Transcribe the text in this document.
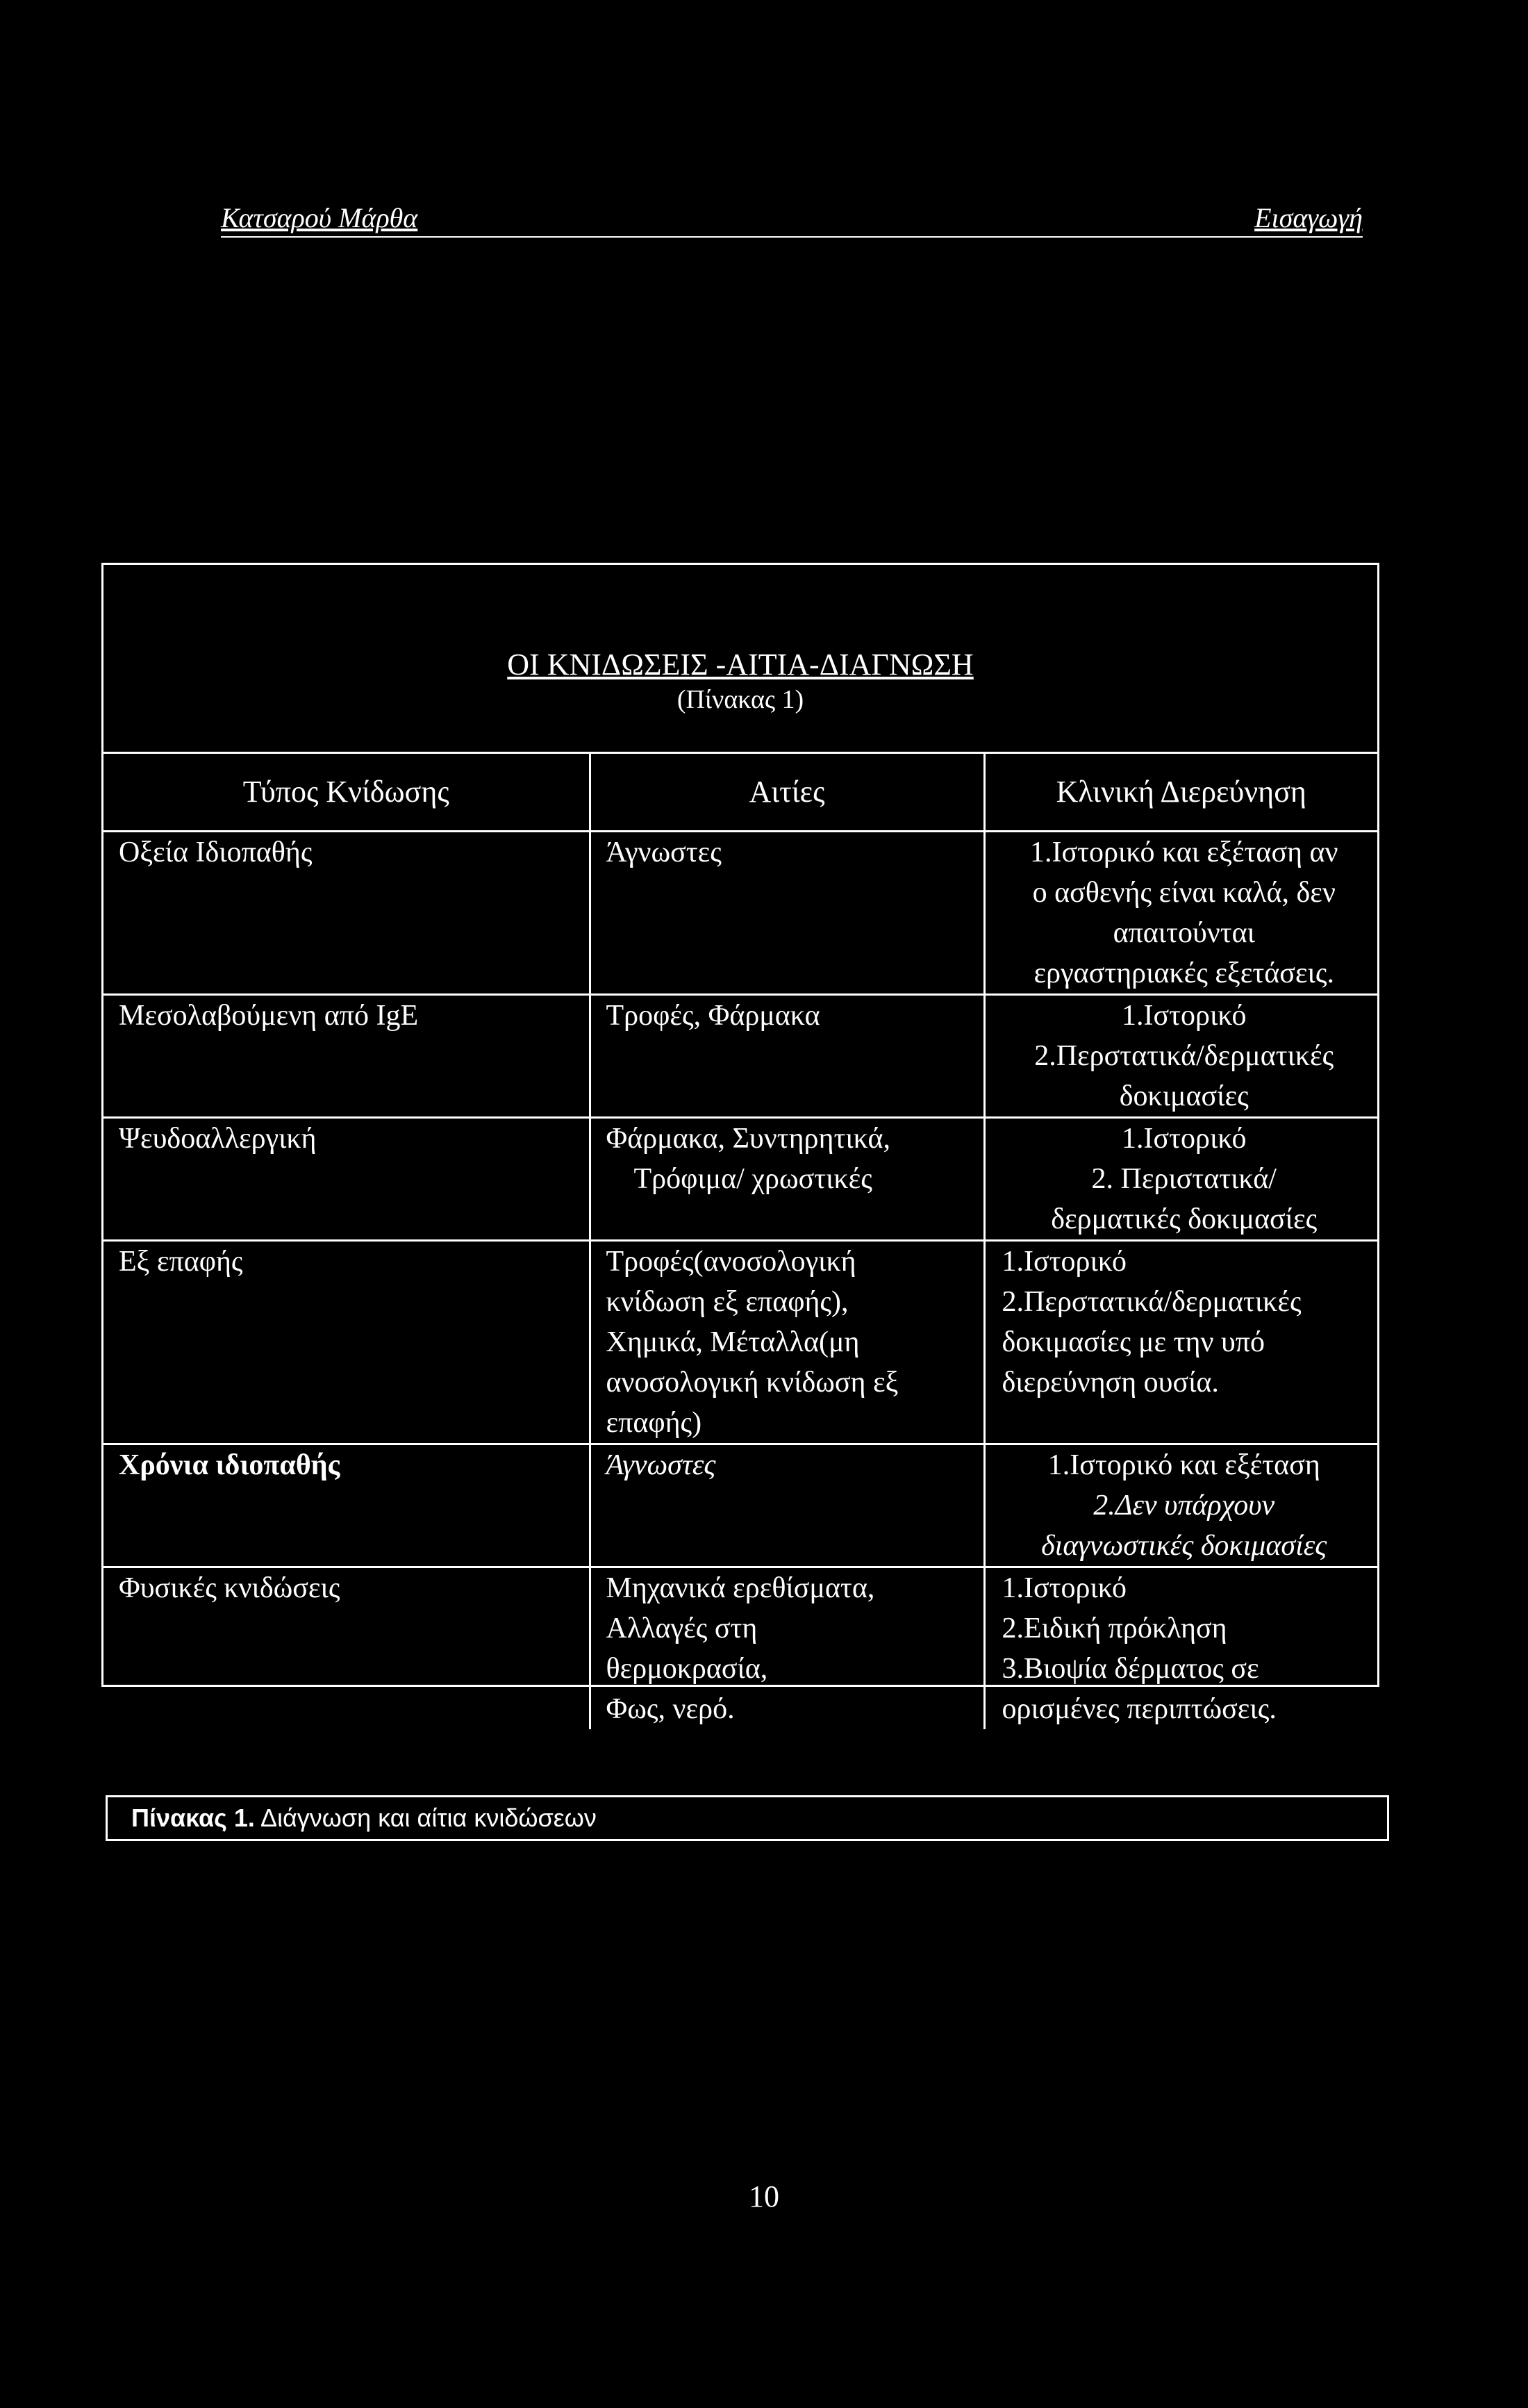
Κατσαρού Μάρθα	Εισαγωγή
ΟΙ ΚΝΙΔΩΣΕΙΣ -ΑΙΤΙΑ-ΔΙΑΓΝΩΣΗ
(Πίνακας 1)
Τύπος Κνίδωσης	Αιτίες	Κλινική Διερεύνηση

Οξεία Ιδιοπαθής	Άγνωστες	1.Ιστορικό και εξέταση αν
ο ασθενής είναι καλά, δεν
απαιτούνται
εργαστηριακές εξετάσεις.

Μεσολαβούμενη από IgE	Τροφές, Φάρμακα	1.Ιστορικό
2.Περστατικά/δερματικές
δοκιμασίες

Ψευδοαλλεργική	Φάρμακα, Συντηρητικά,
Τρόφιμα/ χρωστικές	1.Ιστορικό
2. Περιστατικά/
δερματικές δοκιμασίες

Εξ επαφής	Τροφές(ανοσολογική
κνίδωση εξ επαφής),
Χημικά, Μέταλλα(μη
ανοσολογική κνίδωση εξ
επαφής)	1.Ιστορικό
2.Περστατικά/δερματικές
δοκιμασίες με την υπό
διερεύνηση ουσία.

Χρόνια ιδιοπαθής	Άγνωστες	1.Ιστορικό και εξέταση
2.Δεν υπάρχουν
διαγνωστικές δοκιμασίες

Φυσικές κνιδώσεις	Μηχανικά ερεθίσματα,
Αλλαγές στη
θερμοκρασία,
Φως, νερό.	1.Ιστορικό
2.Ειδική πρόκληση
3.Βιοψία δέρματος σε
ορισμένες περιπτώσεις.
Πίνακας 1. Διάγνωση και αίτια κνιδώσεων
10
